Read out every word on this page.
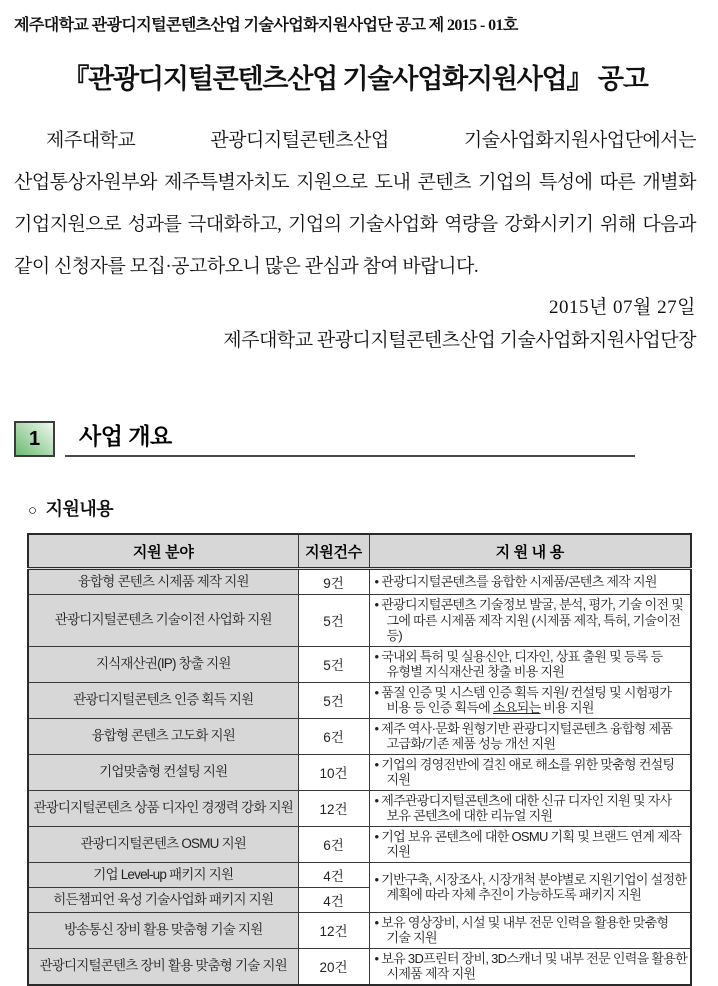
제주대학교 관광디지털콘텐츠산업 기술사업화지원사업단 공고 제 2015 - 01호
『관광디지털콘텐츠산업 기술사업화지원사업』 공고
제주대학교 관광디지털콘텐츠산업 기술사업화지원사업단에서는 산업통상자원부와 제주특별자치도 지원으로 도내 콘텐츠 기업의 특성에 따른 개별화 기업지원으로 성과를 극대화하고, 기업의 기술사업화 역량을 강화시키기 위해 다음과 같이 신청자를 모집·공고하오니 많은 관심과 참여 바랍니다.
2015년 07월 27일
제주대학교 관광디지털콘텐츠산업 기술사업화지원사업단장
1	사업 개요
○ 지원내용
지원 분야	지원건수	지 원 내 용
융합형 콘텐츠 시제품 제작 지원	9건	• 관광디지털콘텐츠를 융합한 시제품/콘텐츠 제작 지원

관광디지털콘텐츠 기술이전 사업화 지원	5건	• 관광디지털콘텐츠 기술정보 발굴, 분석, 평가, 기술 이전 및 그에 따른 시제품 제작 지원 (시제품 제작, 특허, 기술이전 등)

지식재산권(IP) 창출 지원	5건	• 국내외 특허 및 실용신안, 디자인, 상표 출원 및 등록 등 유형별 지식재산권 창출 비용 지원

관광디지털콘텐츠 인증 획득 지원	5건	• 품질 인증 및 시스템 인증 획득 지원/ 컨설팅 및 시험평가 비용 등 인증 획득에 소요되는 비용 지원

융합형 콘텐츠 고도화 지원	6건	• 제주 역사·문화 원형기반 관광디지털콘텐츠 융합형 제품 고급화/기존 제품 성능 개선 지원

기업맞춤형 컨설팅 지원	10건	• 기업의 경영전반에 걸친 애로 해소를 위한 맞춤형 컨설팅 지원

관광디지털콘텐츠 상품 디자인 경쟁력 강화 지원	12건	• 제주관광디지털콘텐츠에 대한 신규 디자인 지원 및 자사 보유 콘텐츠에 대한 리뉴얼 지원

관광디지털콘텐츠 OSMU 지원	6건	• 기업 보유 콘텐츠에 대한 OSMU 기획 및 브랜드 연계 제작 지원

기업 Level-up 패키지 지원	4건	• 기반구축, 시장조사, 시장개척 분야별로 지원기업이 설정한 계획에 따라 자체 추진이 가능하도록 패키지 지원

히든챔피언 육성 기술사업화 패키지 지원	4건	
방송통신 장비 활용 맞춤형 기술 지원	12건	• 보유 영상장비, 시설 및 내부 전문 인력을 활용한 맞춤형 기술 지원

관광디지털콘텐츠 장비 활용 맞춤형 기술 지원	20건	• 보유 3D프린터 장비, 3D스캐너 및 내부 전문 인력을 활용한 시제품 제작 지원
